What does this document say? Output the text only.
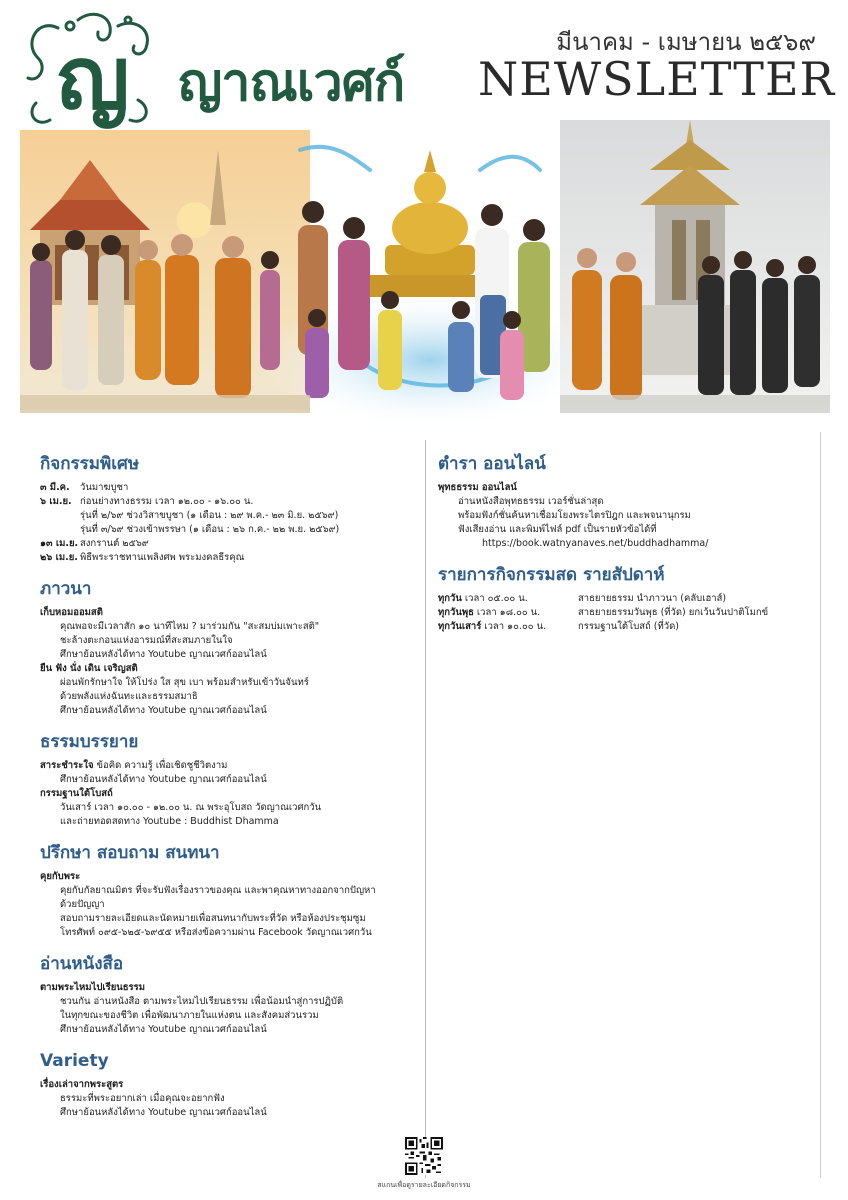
ญ ญาณเวศก์ NEWSLETTER
มีนาคม - เมษายน ๒๕๖๙
กิจกรรมพิเศษ
๓ มี.ค.	วันมาฆบูชา
๖ เม.ย. ก่อนย่างทางธรรม เวลา ๑๒.๐๐ - ๑๖.๐๐ น.
รุ่นที่ ๒/๖๙ ช่วงวิสาขบูชา (๑ เดือน : ๒๙ พ.ค.- ๒๓ มิ.ย. ๒๕๖๙)
รุ่นที่ ๓/๖๙ ช่วงเข้าพรรษา (๑ เดือน : ๒๖ ก.ค.- ๒๒ พ.ย. ๒๕๖๙)
๑๓ เม.ย. สงกรานต์ ๒๕๖๙
๒๖ เม.ย. พิธีพระราชทานเพลิงศพ พระมงคลธีรคุณ
ภาวนา
เก็บหอมออมสติ
คุณพอจะมีเวลาสัก ๑๐ นาทีไหม ? มาร่วมกัน "สะสมบ่มเพาะสติ"
ชะล้างตะกอนแห่งอารมณ์ที่สะสมภายในใจ
ศึกษาย้อนหลังได้ทาง Youtube ญาณเวศก์ออนไลน์
ยืน ฟัง นั่ง เดิน เจริญสติ
ผ่อนพักรักษาใจ ให้โปร่ง ใส สุข เบา พร้อมสำหรับเข้าวันจันทร์
ด้วยพลังแห่งฉันทะและธรรมสมาธิ
ศึกษาย้อนหลังได้ทาง Youtube ญาณเวศก์ออนไลน์
ธรรมบรรยาย
สาระชำระใจ ข้อคิด ความรู้ เพื่อเชิดชูชีวิตงาม
ศึกษาย้อนหลังได้ทาง Youtube ญาณเวศก์ออนไลน์
กรรมฐานใต้โบสถ์
วันเสาร์ เวลา ๑๐.๐๐ - ๑๒.๐๐ น. ณ พระอุโบสถ วัดญาณเวศกวัน
และถ่ายทอดสดทาง Youtube : Buddhist Dhamma
ปรึกษา สอบถาม สนทนา
คุยกับพระ
คุยกับกัลยาณมิตร ที่จะรับฟังเรื่องราวของคุณ และพาคุณหาทางออกจากปัญหา
ด้วยปัญญา
สอบถามรายละเอียดและนัดหมายเพื่อสนทนากับพระที่วัด หรือห้องประชุมซูม
โทรศัพท์ ๐๙๕-๖๒๕-๖๙๕๕ หรือส่งข้อความผ่าน Facebook วัดญาณเวศกวัน
อ่านหนังสือ
ตามพระไหมไปเรียนธรรม
ชวนกัน อ่านหนังสือ ตามพระไหมไปเรียนธรรม เพื่อน้อมนำสู่การปฏิบัติ
ในทุกขณะของชีวิต เพื่อพัฒนาภายในแห่งตน และสังคมส่วนรวม
ศึกษาย้อนหลังได้ทาง Youtube ญาณเวศก์ออนไลน์
Variety
เรื่องเล่าจากพระสูตร
ธรรมะที่พระอยากเล่า เมื่อคุณจะอยากฟัง
ศึกษาย้อนหลังได้ทาง Youtube ญาณเวศก์ออนไลน์
ตำรา ออนไลน์
พุทธธรรม ออนไลน์
อ่านหนังสือพุทธธรรม เวอร์ชั่นล่าสุด
พร้อมฟังก์ชั่นค้นหาเชื่อมโยงพระไตรปิฎก และพจนานุกรม
ฟังเสียงอ่าน และพิมพ์ไฟล์ pdf เป็นรายหัวข้อได้ที่
https://book.watnyanaves.net/buddhadhamma/
รายการกิจกรรมสด รายสัปดาห์
ทุกวัน เวลา ๐๕.๐๐ น.	สาธยายธรรม นำภาวนา (คลับเฮาส์)
ทุกวันพุธ เวลา ๑๘.๐๐ น.	สาธยายธรรมวันพุธ (ที่วัด) ยกเว้นวันปาติโมกข์
ทุกวันเสาร์ เวลา ๑๐.๐๐ น.	กรรมฐานใต้โบสถ์ (ที่วัด)
สแกนเพื่อดูรายละเอียดกิจกรรม
